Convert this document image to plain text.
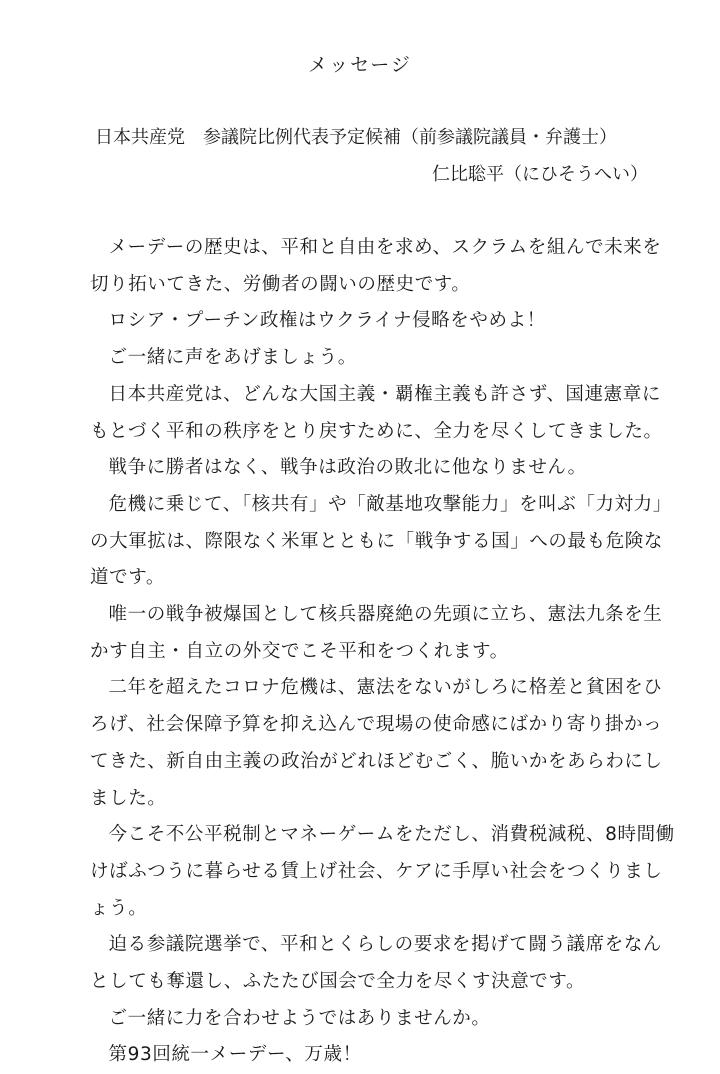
メッセージ
日本共産党　参議院比例代表予定候補（前参議院議員・弁護士）
仁比聡平（にひそうへい）

メーデーの歴史は、平和と自由を求め、スクラムを組んで未来を切り拓いてきた、労働者の闘いの歴史です。

ロシア・プーチン政権はウクライナ侵略をやめよ！

ご一緒に声をあげましょう。

日本共産党は、どんな大国主義・覇権主義も許さず、国連憲章にもとづく平和の秩序をとり戻すために、全力を尽くしてきました。

戦争に勝者はなく、戦争は政治の敗北に他なりません。

危機に乗じて、「核共有」や「敵基地攻撃能力」を叫ぶ「力対力」の大軍拡は、際限なく米軍とともに「戦争する国」への最も危険な道です。

唯一の戦争被爆国として核兵器廃絶の先頭に立ち、憲法九条を生かす自主・自立の外交でこそ平和をつくれます。

二年を超えたコロナ危機は、憲法をないがしろに格差と貧困をひろげ、社会保障予算を抑え込んで現場の使命感にばかり寄り掛かってきた、新自由主義の政治がどれほどむごく、脆いかをあらわにしました。

今こそ不公平税制とマネーゲームをただし、消費税減税、8時間働けばふつうに暮らせる賃上げ社会、ケアに手厚い社会をつくりましょう。

迫る参議院選挙で、平和とくらしの要求を掲げて闘う議席をなんとしても奪還し、ふたたび国会で全力を尽くす決意です。

ご一緒に力を合わせようではありませんか。

第93回統一メーデー、万歳！
